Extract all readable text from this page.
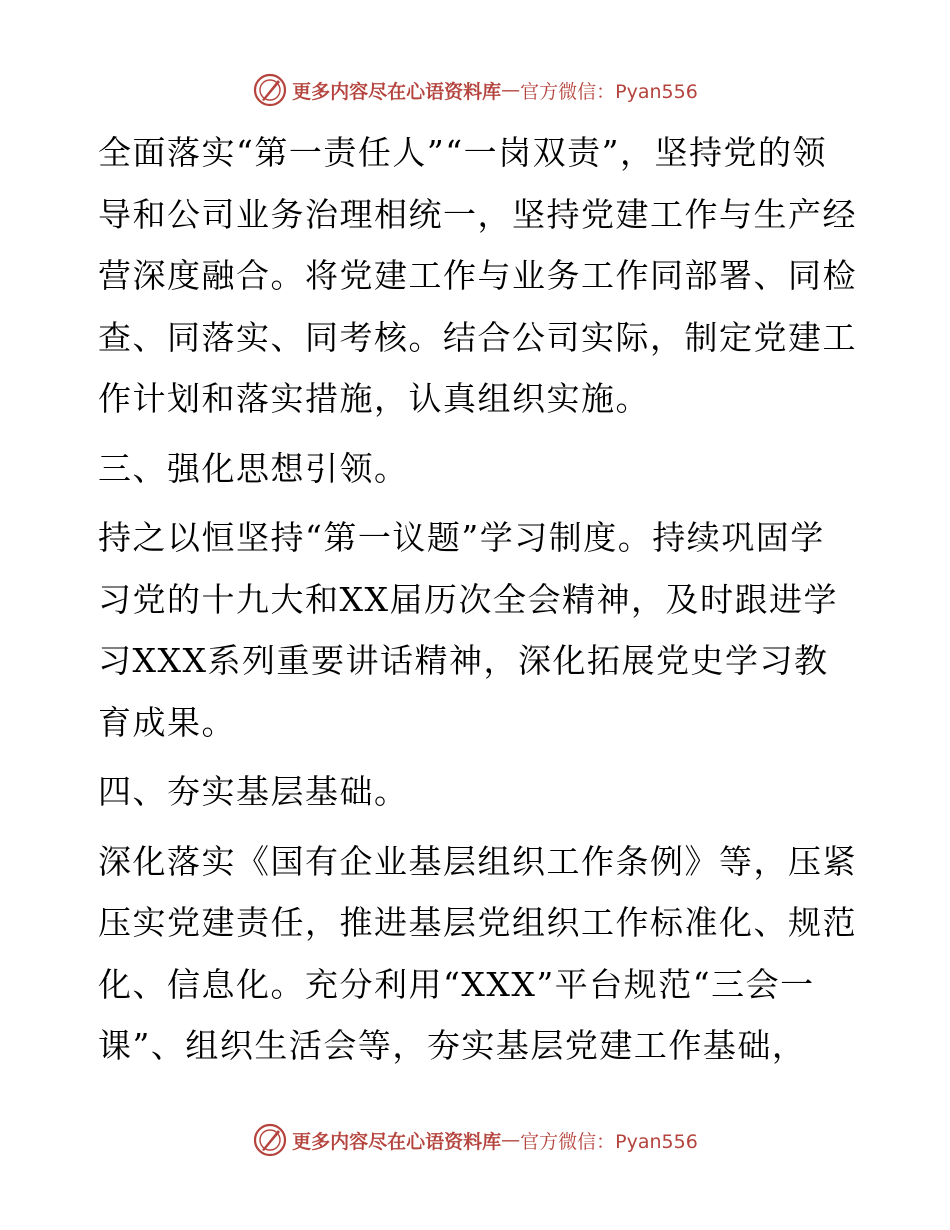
更多内容尽在心语资料库 — 官方微信：Pyan556

全面落实“第一责任人”“一岗双责”，坚持党的领导和公司业务治理相统一，坚持党建工作与生产经营深度融合。将党建工作与业务工作同部署、同检查、同落实、同考核。结合公司实际，制定党建工作计划和落实措施，认真组织实施。

三、强化思想引领。

持之以恒坚持“第一议题”学习制度。持续巩固学习党的十九大和XX届历次全会精神，及时跟进学习XXX系列重要讲话精神，深化拓展党史学习教育成果。

四、夯实基层基础。

深化落实《国有企业基层组织工作条例》等，压紧压实党建责任，推进基层党组织工作标准化、规范化、信息化。充分利用“XXX”平台规范“三会一课”、组织生活会等，夯实基层党建工作基础，

更多内容尽在心语资料库 — 官方微信：Pyan556
